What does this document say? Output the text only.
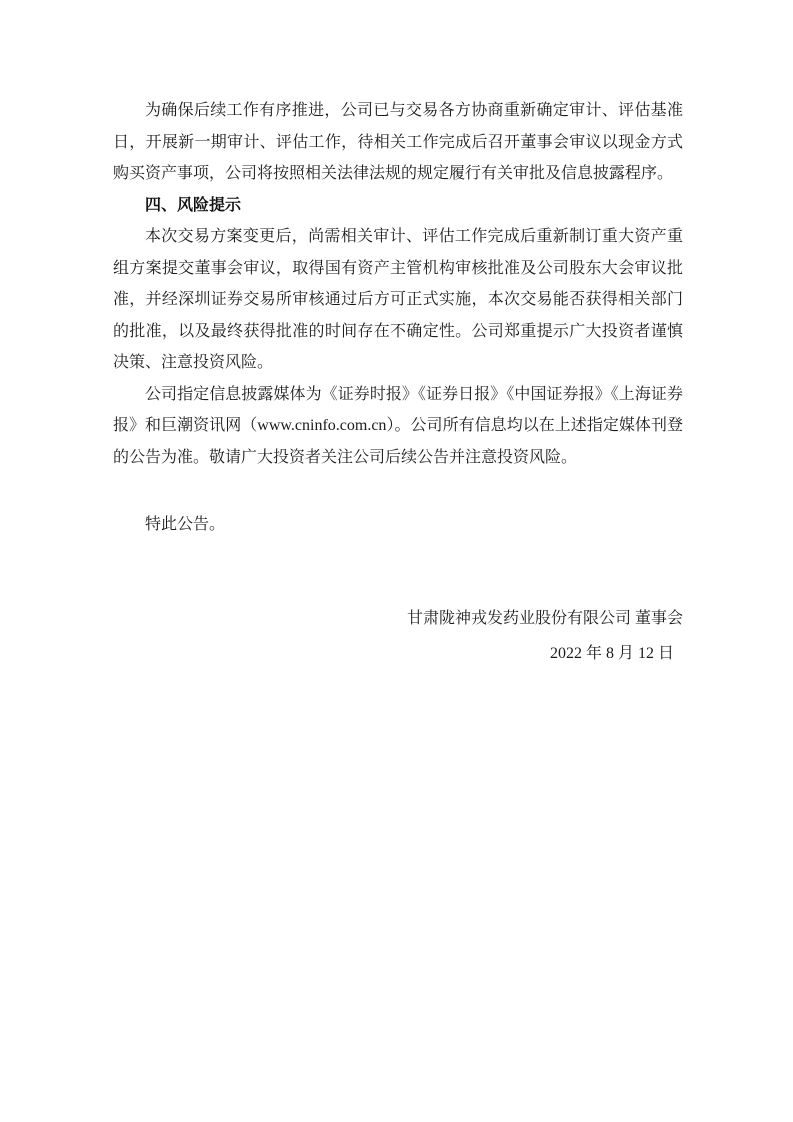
为确保后续工作有序推进，公司已与交易各方协商重新确定审计、评估基准日，开展新一期审计、评估工作，待相关工作完成后召开董事会审议以现金方式购买资产事项，公司将按照相关法律法规的规定履行有关审批及信息披露程序。

四、风险提示

本次交易方案变更后，尚需相关审计、评估工作完成后重新制订重大资产重组方案提交董事会审议，取得国有资产主管机构审核批准及公司股东大会审议批准，并经深圳证券交易所审核通过后方可正式实施，本次交易能否获得相关部门的批准，以及最终获得批准的时间存在不确定性。公司郑重提示广大投资者谨慎决策、注意投资风险。

公司指定信息披露媒体为《证券时报》《证券日报》《中国证券报》《上海证券报》和巨潮资讯网（www.cninfo.com.cn）。公司所有信息均以在上述指定媒体刊登的公告为准。敬请广大投资者关注公司后续公告并注意投资风险。

特此公告。

甘肃陇神戎发药业股份有限公司 董事会

2022 年 8 月 12 日
